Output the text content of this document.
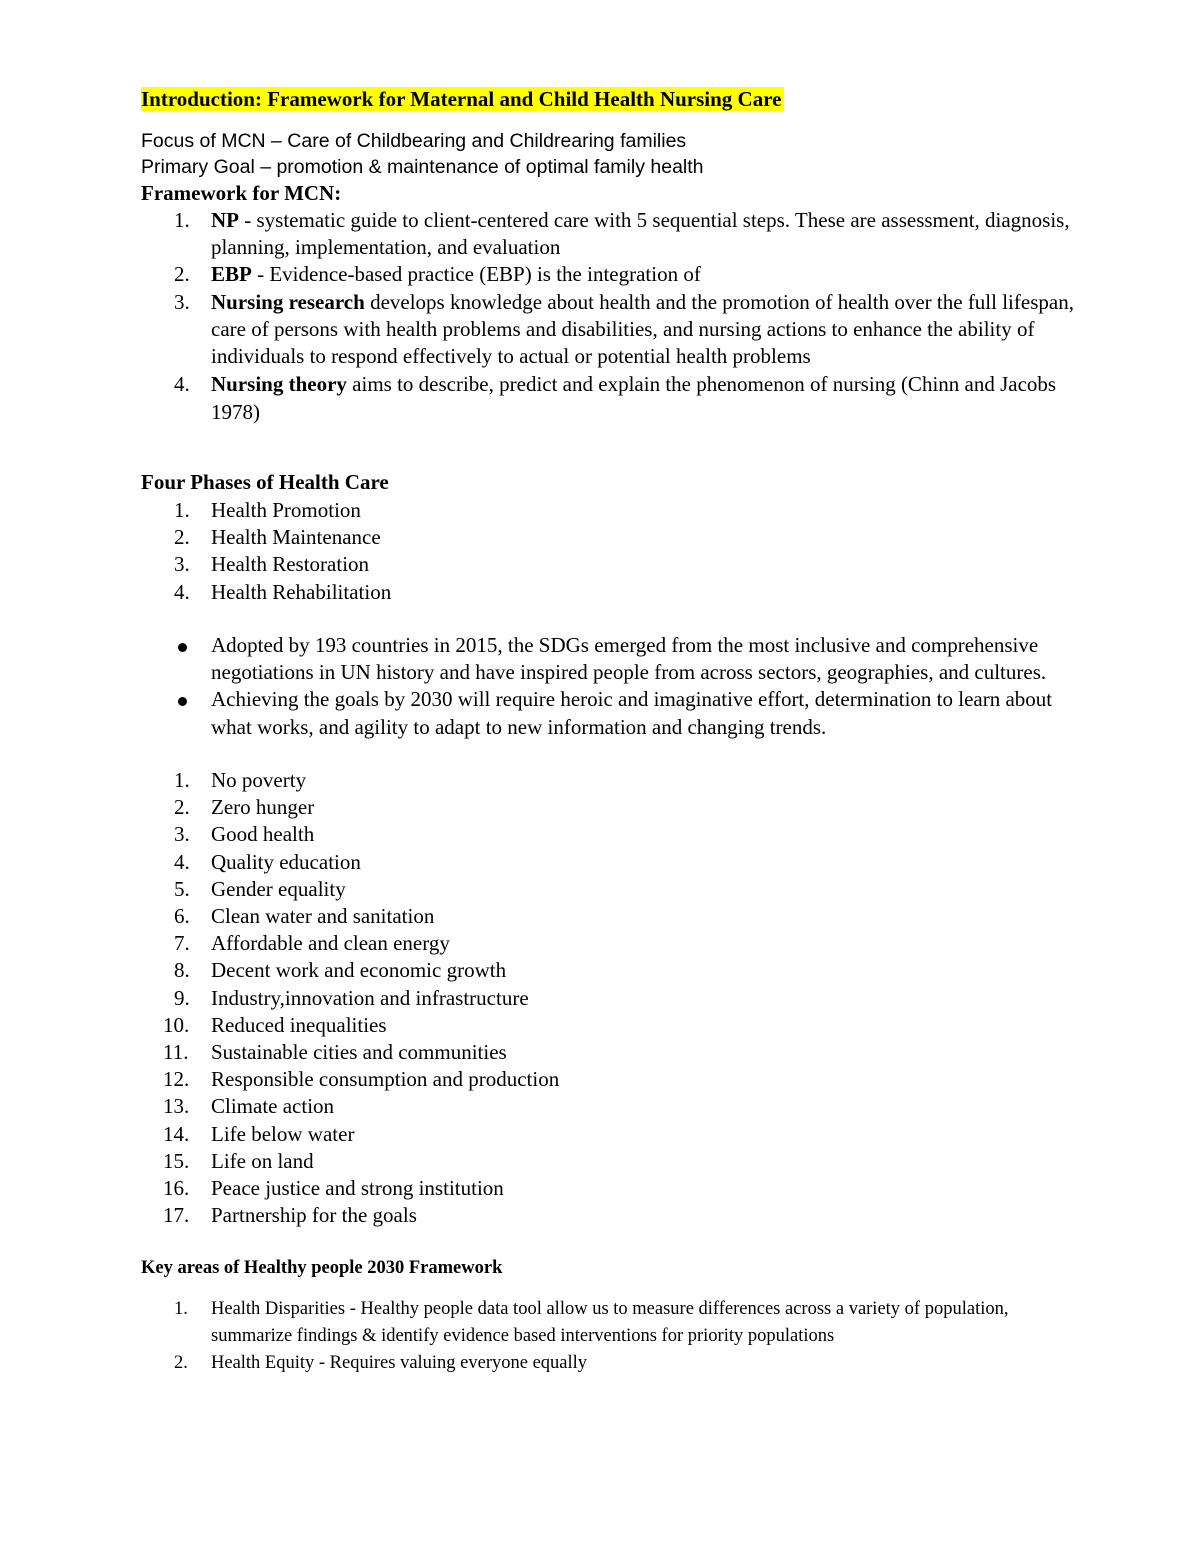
Introduction: Framework for Maternal and Child Health Nursing Care
Focus of MCN – Care of Childbearing and Childrearing families
Primary Goal – promotion & maintenance of optimal family health
Framework for MCN:
1.	NP - systematic guide to client-centered care with 5 sequential steps. These are assessment, diagnosis, planning, implementation, and evaluation
2.	EBP - Evidence-based practice (EBP) is the integration of
3.	Nursing research develops knowledge about health and the promotion of health over the full lifespan, care of persons with health problems and disabilities, and nursing actions to enhance the ability of individuals to respond effectively to actual or potential health problems
4.	Nursing theory aims to describe, predict and explain the phenomenon of nursing (Chinn and Jacobs 1978)
Four Phases of Health Care
1.	Health Promotion
2.	Health Maintenance
3.	Health Restoration
4.	Health Rehabilitation
Adopted by 193 countries in 2015, the SDGs emerged from the most inclusive and comprehensive negotiations in UN history and have inspired people from across sectors, geographies, and cultures.
Achieving the goals by 2030 will require heroic and imaginative effort, determination to learn about what works, and agility to adapt to new information and changing trends.
1.	No poverty
2.	Zero hunger
3.	Good health
4.	Quality education
5.	Gender equality
6.	Clean water and sanitation
7.	Affordable and clean energy
8.	Decent work and economic growth
9.	Industry,innovation and infrastructure
10. Reduced inequalities
11. Sustainable cities and communities
12. Responsible consumption and production
13. Climate action
14. Life below water
15. Life on land
16. Peace justice and strong institution
17. Partnership for the goals
Key areas of Healthy people 2030 Framework
1.	Health Disparities - Healthy people data tool allow us to measure differences across a variety of population, summarize findings & identify evidence based interventions for priority populations
2.	Health Equity - Requires valuing everyone equally
